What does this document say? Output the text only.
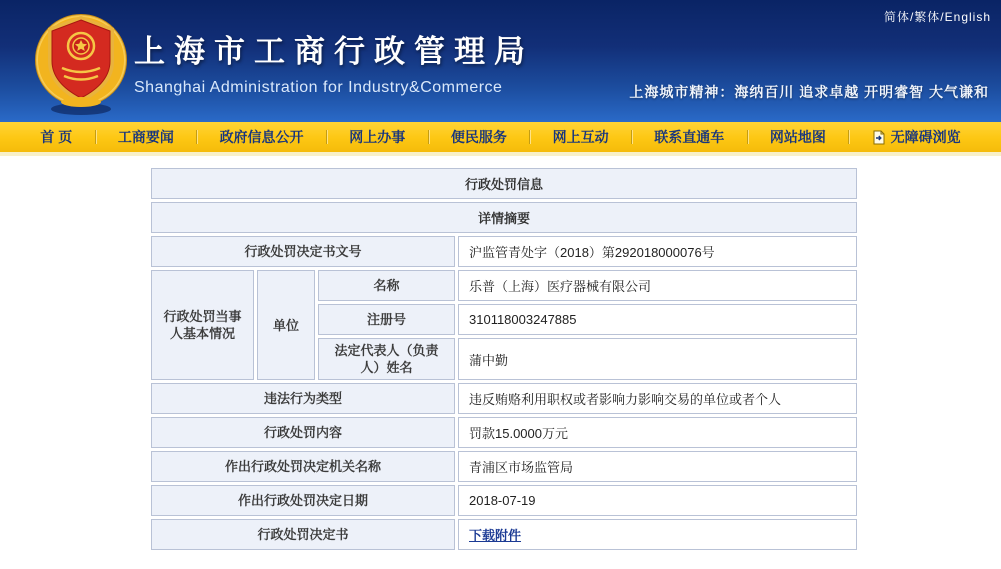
简体/繁体/English
上海市工商行政管理局
Shanghai Administration for Industry&Commerce	上海城市精神：海纳百川 追求卓越 开明睿智 大气谦和
首 页	工商要闻	政府信息公开	网上办事	便民服务	网上互动	联系直通车	网站地图	无障碍浏览
行政处罚信息			
详情摘要			
行政处罚决定书文号			沪监管青处字（2018）第292018000076号
行政处罚当事人基本情况	单位	名称	乐普（上海）医疗器械有限公司
		注册号	310118003247885
		法定代表人（负责人）姓名	蒲中勤
违法行为类型			违反贿赂利用职权或者影响力影响交易的单位或者个人
行政处罚内容			罚款15.0000万元
作出行政处罚决定机关名称			青浦区市场监管局
作出行政处罚决定日期			2018-07-19
行政处罚决定书			下载附件
